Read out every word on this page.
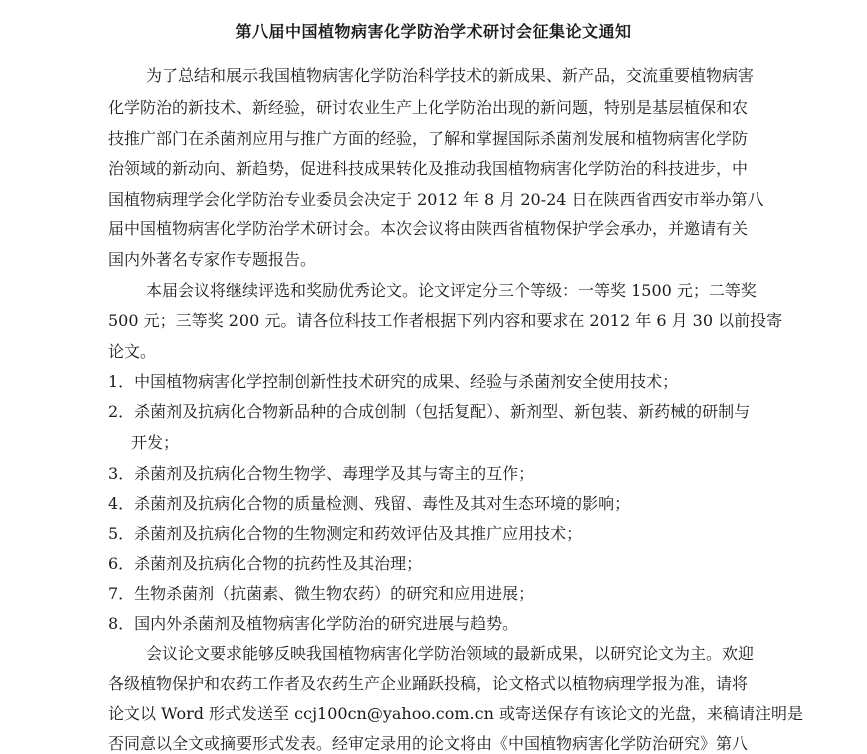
第八届中国植物病害化学防治学术研讨会征集论文通知
为了总结和展示我国植物病害化学防治科学技术的新成果、新产品，交流重要植物病害
化学防治的新技术、新经验，研讨农业生产上化学防治出现的新问题，特别是基层植保和农
技推广部门在杀菌剂应用与推广方面的经验，了解和掌握国际杀菌剂发展和植物病害化学防
治领域的新动向、新趋势，促进科技成果转化及推动我国植物病害化学防治的科技进步，中
国植物病理学会化学防治专业委员会决定于 2012 年 8 月 20-24 日在陕西省西安市举办第八
届中国植物病害化学防治学术研讨会。本次会议将由陕西省植物保护学会承办，并邀请有关
国内外著名专家作专题报告。
本届会议将继续评选和奖励优秀论文。论文评定分三个等级：一等奖 1500 元；二等奖
500 元；三等奖 200 元。请各位科技工作者根据下列内容和要求在 2012 年 6 月 30 以前投寄
论文。
1．中国植物病害化学控制创新性技术研究的成果、经验与杀菌剂安全使用技术；
2．杀菌剂及抗病化合物新品种的合成创制（包括复配）、新剂型、新包装、新药械的研制与
开发；
3．杀菌剂及抗病化合物生物学、毒理学及其与寄主的互作；
4．杀菌剂及抗病化合物的质量检测、残留、毒性及其对生态环境的影响；
5．杀菌剂及抗病化合物的生物测定和药效评估及其推广应用技术；
6．杀菌剂及抗病化合物的抗药性及其治理；
7．生物杀菌剂（抗菌素、微生物农药）的研究和应用进展；
8．国内外杀菌剂及植物病害化学防治的研究进展与趋势。
会议论文要求能够反映我国植物病害化学防治领域的最新成果，以研究论文为主。欢迎
各级植物保护和农药工作者及农药生产企业踊跃投稿，论文格式以植物病理学报为准，请将
论文以 Word 形式发送至 ccj100cn@yahoo.com.cn 或寄送保存有该论文的光盘，来稿请注明是
否同意以全文或摘要形式发表。经审定录用的论文将由《中国植物病害化学防治研究》第八
